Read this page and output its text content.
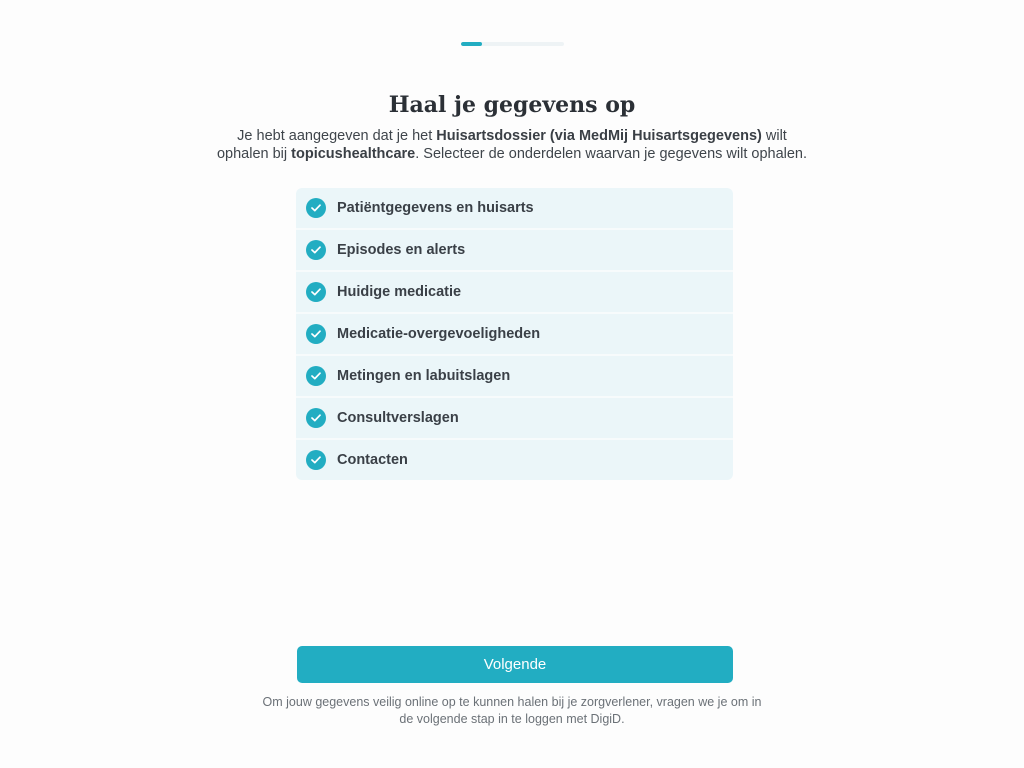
Haal je gegevens op
Je hebt aangegeven dat je het Huisartsdossier (via MedMij Huisartsgegevens) wilt ophalen bij topicushealthcare. Selecteer de onderdelen waarvan je gegevens wilt ophalen.
Patiëntgegevens en huisarts
Episodes en alerts
Huidige medicatie
Medicatie-overgevoeligheden
Metingen en labuitslagen
Consultverslagen
Contacten
Volgende
Om jouw gegevens veilig online op te kunnen halen bij je zorgverlener, vragen we je om in de volgende stap in te loggen met DigiD.
